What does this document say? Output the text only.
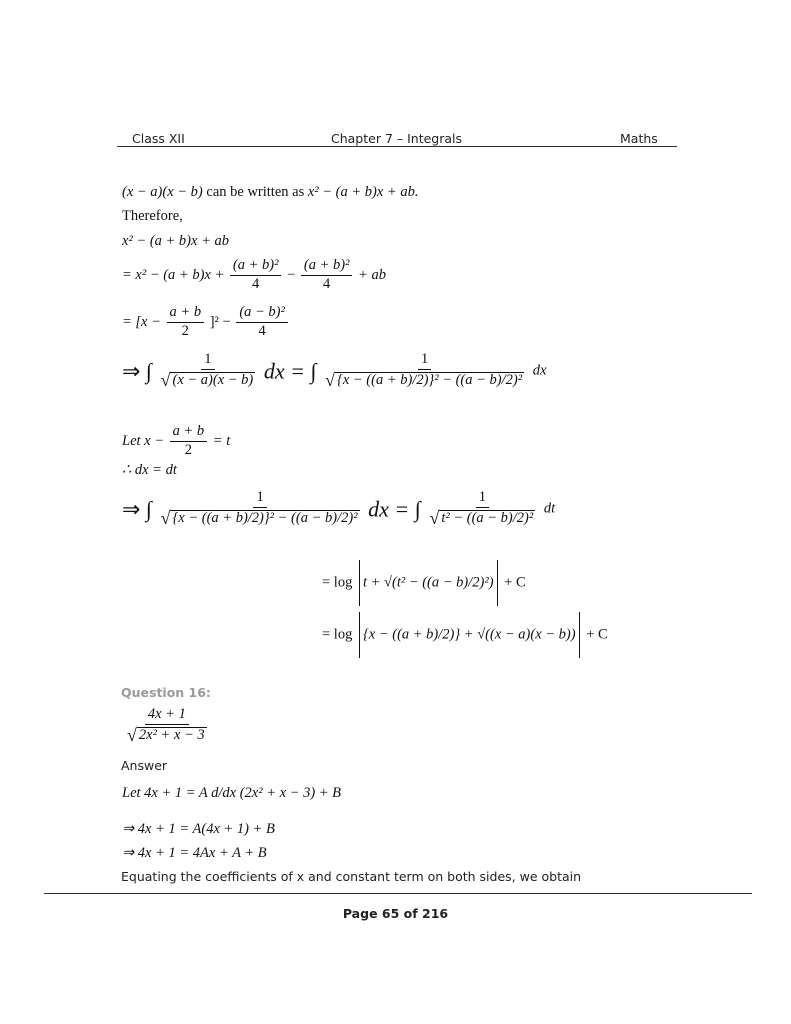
Class XII	Chapter 7 – Integrals	Maths
(x − a)(x − b) can be written as x² − (a + b)x + ab.
Therefore,
x² − (a + b)x + ab
= $x^2 - (a + b)x + \frac{\text{(a + b)²}}{4} - \frac{\text{(a + b)²}}{4}$ + ab
= $[x - \frac{a + b}{2} ]^2 - \frac{\text{(a − b)²}}{4}$
⇒ ∫ $\frac{1}{√ (x - a)(x - b)}$ dx = ∫ $\frac{1}{\text{√ \{x − ((a + b)/2)\}² − ((a − b)/2)²}}$ dx
Let $x - \frac{a + b}{2} = t$
∴ dx = dt
⇒ ∫ $\frac{1}{\text{√ \{x − ((a + b)/2)\}² − ((a − b)/2)²}}$ dx = ∫ $\frac{1}{\text{√ t² − ((a − b)/2)²}}$ dt
= log t + √(t² − ((a − b)/2)²) + C
= log {x − ((a + b)/2)} + √((x − a)(x − b)) + C
Question 16:
$\frac{4x + 1}{\text{√ 2x² + x − 3}}$
Answer
Let 4x + 1 = A d/dx (2x² + x − 3) + B
⇒ 4x + 1 = A(4x + 1) + B
⇒ 4x + 1 = 4Ax + A + B
Equating the coefficients of x and constant term on both sides, we obtain
Page 65 of 216
